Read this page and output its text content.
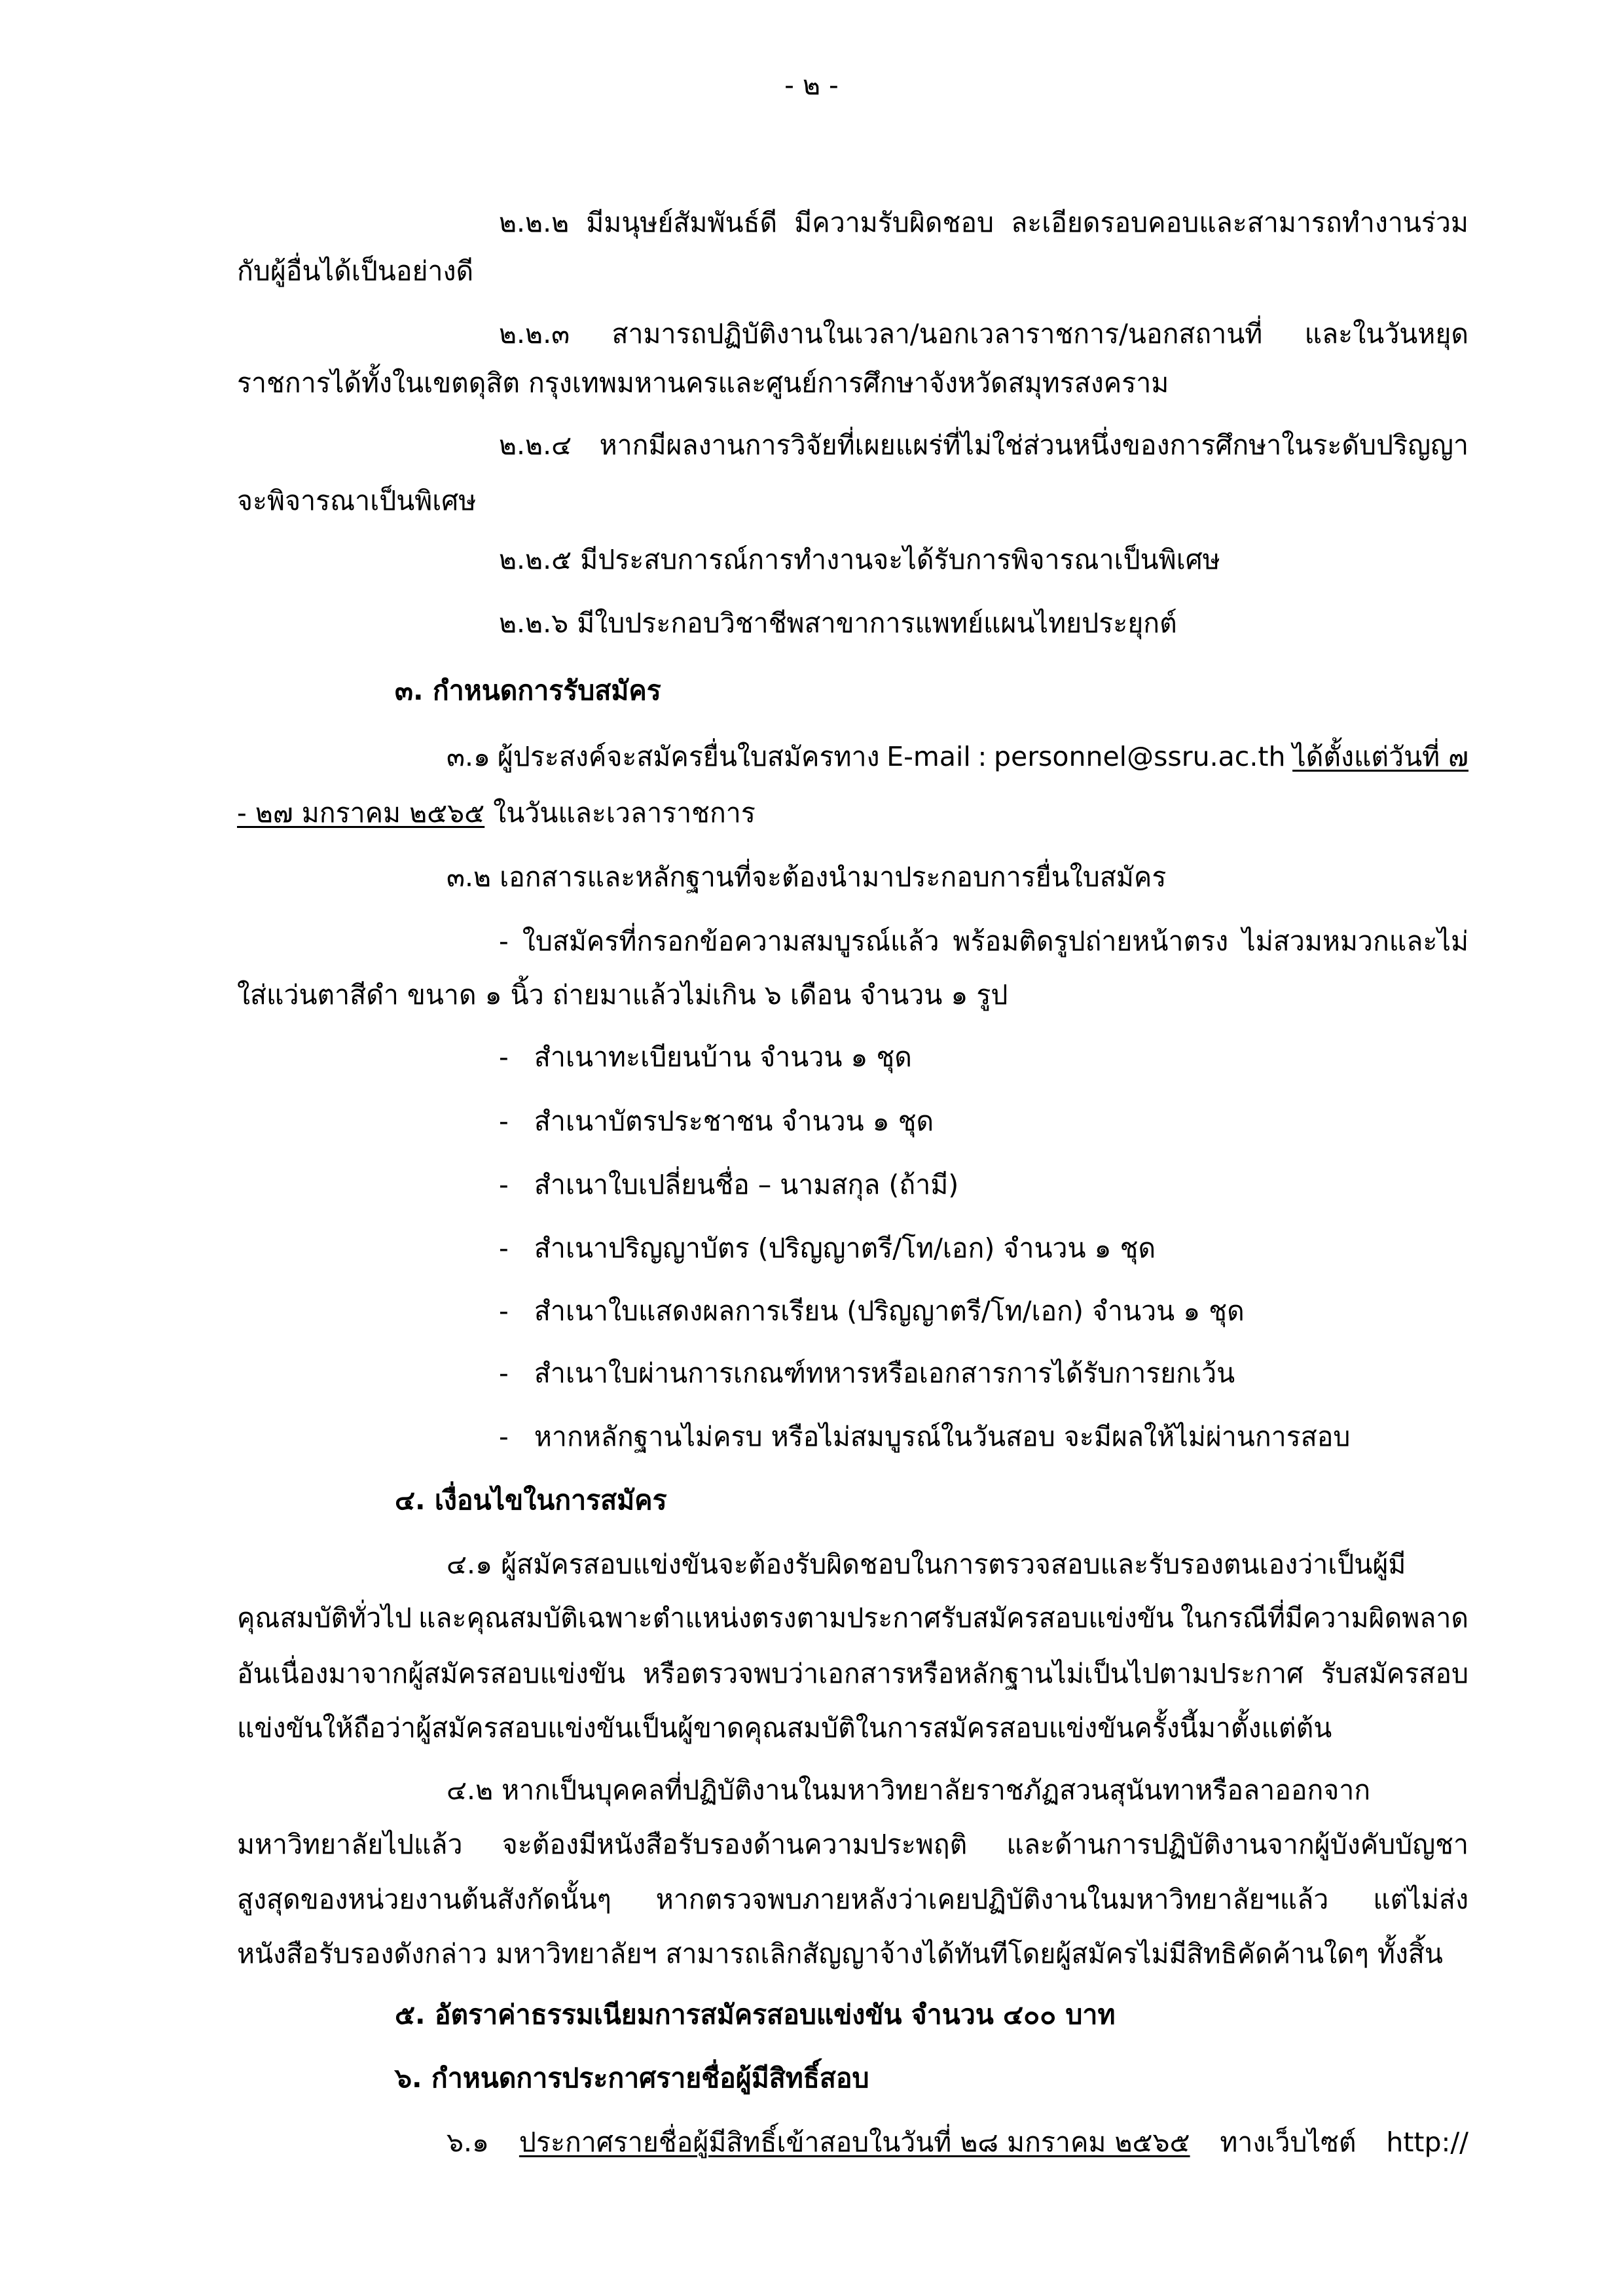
- ๒ -
๒.๒.๒ มีมนุษย์สัมพันธ์ดี มีความรับผิดชอบ ละเอียดรอบคอบและสามารถทำงานร่วม
กับผู้อื่นได้เป็นอย่างดี
๒.๒.๓ สามารถปฏิบัติงานในเวลา/นอกเวลาราชการ/นอกสถานที่ และในวันหยุด
ราชการได้ทั้งในเขตดุสิต กรุงเทพมหานครและศูนย์การศึกษาจังหวัดสมุทรสงคราม
๒.๒.๔ หากมีผลงานการวิจัยที่เผยแผร่ที่ไม่ใช่ส่วนหนึ่งของการศึกษาในระดับปริญญา
จะพิจารณาเป็นพิเศษ
๒.๒.๕ มีประสบการณ์การทำงานจะได้รับการพิจารณาเป็นพิเศษ
๒.๒.๖ มีใบประกอบวิชาชีพสาขาการแพทย์แผนไทยประยุกต์
๓. กำหนดการรับสมัคร
๓.๑ ผู้ประสงค์จะสมัครยื่นใบสมัครทาง E-mail : personnel@ssru.ac.th ได้ตั้งแต่วันที่ ๗
- ๒๗ มกราคม ๒๕๖๕ ในวันและเวลาราชการ
๓.๒ เอกสารและหลักฐานที่จะต้องนำมาประกอบการยื่นใบสมัคร
- ใบสมัครที่กรอกข้อความสมบูรณ์แล้ว พร้อมติดรูปถ่ายหน้าตรง ไม่สวมหมวกและไม่
ใส่แว่นตาสีดำ ขนาด ๑ นิ้ว ถ่ายมาแล้วไม่เกิน ๖ เดือน จำนวน ๑ รูป
- สำเนาทะเบียนบ้าน จำนวน ๑ ชุด
- สำเนาบัตรประชาชน จำนวน ๑ ชุด
- สำเนาใบเปลี่ยนชื่อ – นามสกุล (ถ้ามี)
- สำเนาปริญญาบัตร (ปริญญาตรี/โท/เอก) จำนวน ๑ ชุด
- สำเนาใบแสดงผลการเรียน (ปริญญาตรี/โท/เอก) จำนวน ๑ ชุด
- สำเนาใบผ่านการเกณฑ์ทหารหรือเอกสารการได้รับการยกเว้น
- หากหลักฐานไม่ครบ หรือไม่สมบูรณ์ในวันสอบ จะมีผลให้ไม่ผ่านการสอบ
๔. เงื่อนไขในการสมัคร
๔.๑ ผู้สมัครสอบแข่งขันจะต้องรับผิดชอบในการตรวจสอบและรับรองตนเองว่าเป็นผู้มี
คุณสมบัติทั่วไป และคุณสมบัติเฉพาะตำแหน่งตรงตามประกาศรับสมัครสอบแข่งขัน ในกรณีที่มีความผิดพลาด
อันเนื่องมาจากผู้สมัครสอบแข่งขัน หรือตรวจพบว่าเอกสารหรือหลักฐานไม่เป็นไปตามประกาศ รับสมัครสอบ
แข่งขันให้ถือว่าผู้สมัครสอบแข่งขันเป็นผู้ขาดคุณสมบัติในการสมัครสอบแข่งขันครั้งนี้มาตั้งแต่ต้น
๔.๒ หากเป็นบุคคลที่ปฏิบัติงานในมหาวิทยาลัยราชภัฏสวนสุนันทาหรือลาออกจาก
มหาวิทยาลัยไปแล้ว จะต้องมีหนังสือรับรองด้านความประพฤติ และด้านการปฏิบัติงานจากผู้บังคับบัญชา
สูงสุดของหน่วยงานต้นสังกัดนั้นๆ หากตรวจพบภายหลังว่าเคยปฏิบัติงานในมหาวิทยาลัยฯแล้ว แต่ไม่ส่ง
หนังสือรับรองดังกล่าว มหาวิทยาลัยฯ สามารถเลิกสัญญาจ้างได้ทันทีโดยผู้สมัครไม่มีสิทธิคัดค้านใดๆ ทั้งสิ้น
๕. อัตราค่าธรรมเนียมการสมัครสอบแข่งขัน จำนวน ๔๐๐ บาท
๖. กำหนดการประกาศรายชื่อผู้มีสิทธิ์สอบ
๖.๑ ประกาศรายชื่อผู้มีสิทธิ์เข้าสอบในวันที่ ๒๘ มกราคม ๒๕๖๕ ทางเว็บไซต์ http://
